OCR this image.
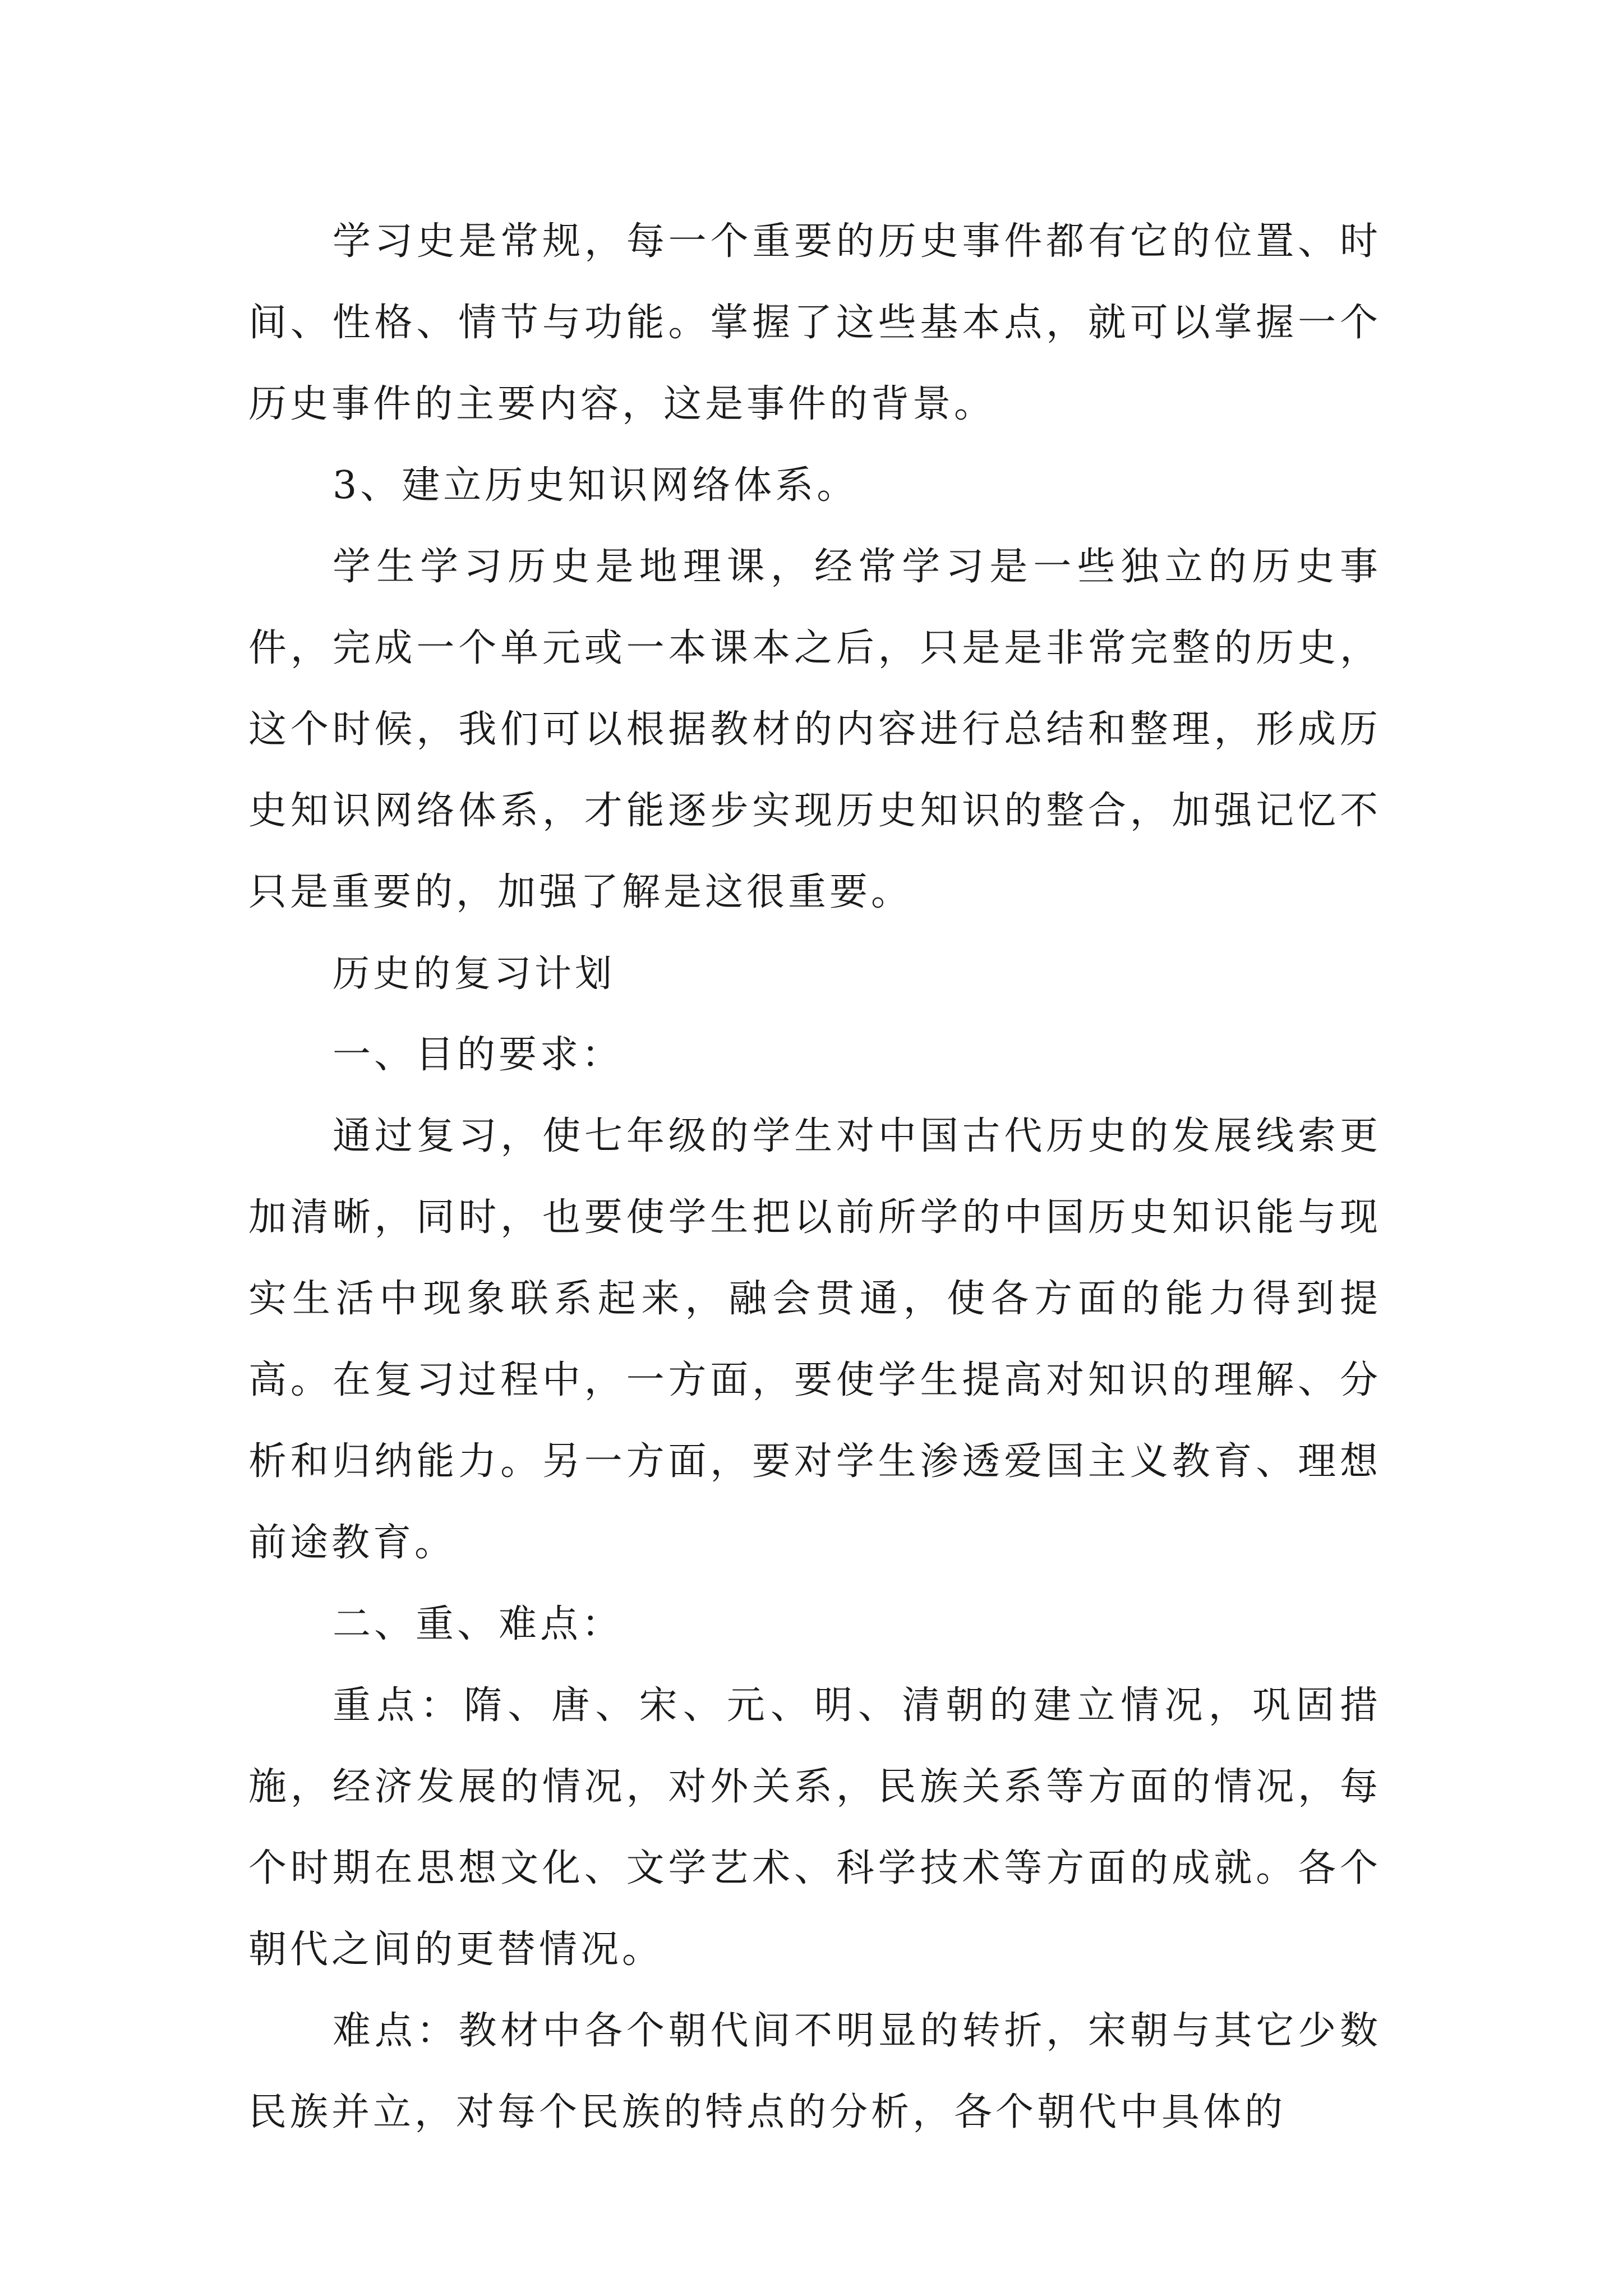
学习史是常规，每一个重要的历史事件都有它的位置、时间、性格、情节与功能。掌握了这些基本点，就可以掌握一个历史事件的主要内容，这是事件的背景。

3、建立历史知识网络体系。

学生学习历史是地理课，经常学习是一些独立的历史事件，完成一个单元或一本课本之后，只是是非常完整的历史，这个时候，我们可以根据教材的内容进行总结和整理，形成历史知识网络体系，才能逐步实现历史知识的整合，加强记忆不只是重要的，加强了解是这很重要。

历史的复习计划

一、目的要求：

通过复习，使七年级的学生对中国古代历史的发展线索更加清晰，同时，也要使学生把以前所学的中国历史知识能与现实生活中现象联系起来，融会贯通，使各方面的能力得到提高。在复习过程中，一方面，要使学生提高对知识的理解、分析和归纳能力。另一方面，要对学生渗透爱国主义教育、理想前途教育。

二、重、难点：

重点：隋、唐、宋、元、明、清朝的建立情况，巩固措施，经济发展的情况，对外关系，民族关系等方面的情况，每个时期在思想文化、文学艺术、科学技术等方面的成就。各个朝代之间的更替情况。

难点：教材中各个朝代间不明显的转折，宋朝与其它少数民族并立，对每个民族的特点的分析，各个朝代中具体的
